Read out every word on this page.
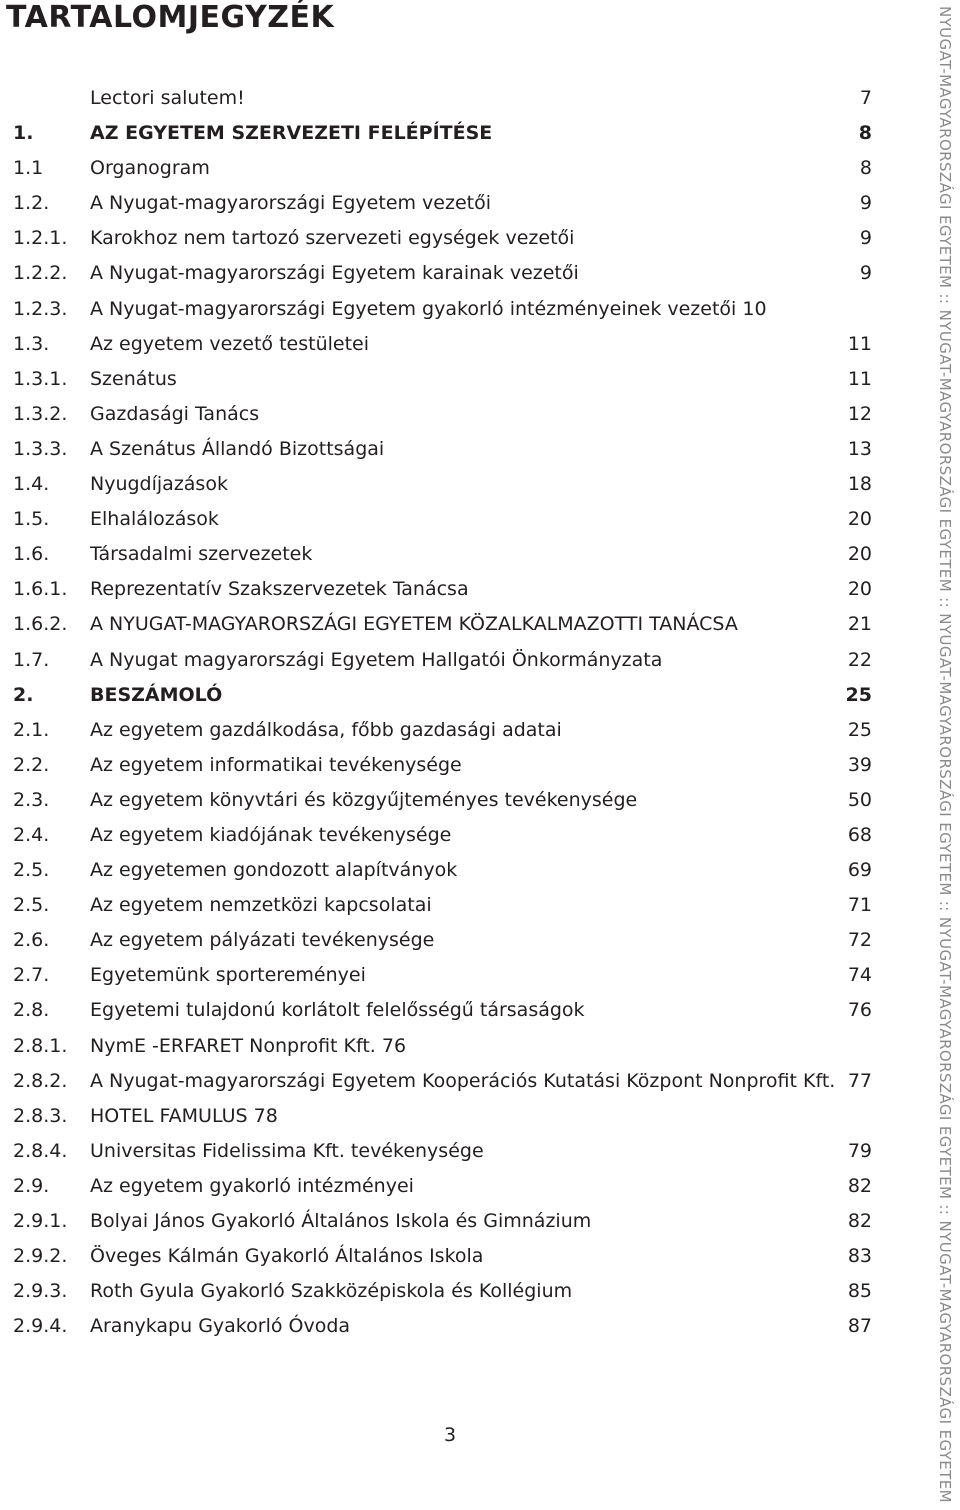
TARTALOMJEGYZÉK
Lectori salutem!	7
1.	AZ EGYETEM SZERVEZETI FELÉPÍTÉSE	8
1.1 Organogram	8
1.2. A Nyugat-magyarországi Egyetem vezetői	9
1.2.1. Karokhoz nem tartozó szervezeti egységek vezetői	9
1.2.2. A Nyugat-magyarországi Egyetem karainak vezetői	9
1.2.3. A Nyugat-magyarországi Egyetem gyakorló intézményeinek vezetői 10
1.3. Az egyetem vezető testületei	11
1.3.1. Szenátus	11
1.3.2. Gazdasági Tanács	12
1.3.3. A Szenátus Állandó Bizottságai	13
1.4. Nyugdíjazások	18
1.5. Elhalálozások	20
1.6. Társadalmi szervezetek	20
1.6.1. Reprezentatív Szakszervezetek Tanácsa	20
1.6.2. A NYUGAT-MAGYARORSZÁGI EGYETEM KÖZALKALMAZOTTI TANÁCSA	21
1.7. A Nyugat magyarországi Egyetem Hallgatói Önkormányzata	22
2.	BESZÁMOLÓ	25
2.1. Az egyetem gazdálkodása, főbb gazdasági adatai	25
2.2. Az egyetem informatikai tevékenysége	39
2.3. Az egyetem könyvtári és közgyűjteményes tevékenysége	50
2.4. Az egyetem kiadójának tevékenysége	68
2.5. Az egyetemen gondozott alapítványok	69
2.5. Az egyetem nemzetközi kapcsolatai	71
2.6. Az egyetem pályázati tevékenysége	72
2.7. Egyetemünk sportereményei	74
2.8. Egyetemi tulajdonú korlátolt felelősségű társaságok	76
2.8.1. NymE -ERFARET Nonprofit Kft. 76
2.8.2. A Nyugat-magyarországi Egyetem Kooperációs Kutatási Központ Nonprofit Kft. 77
2.8.3. HOTEL FAMULUS 78
2.8.4. Universitas Fidelissima Kft. tevékenysége	79
2.9. Az egyetem gyakorló intézményei	82
2.9.1. Bolyai János Gyakorló Általános Iskola és Gimnázium	82
2.9.2. Öveges Kálmán Gyakorló Általános Iskola	83
2.9.3. Roth Gyula Gyakorló Szakközépiskola és Kollégium	85
2.9.4. Aranykapu Gyakorló Óvoda	87
3	NYUGAT-MAGYARORSZÁGI EGYETEM :: NYUGAT-MAGYARORSZÁGI EGYETEM :: NYUGAT-MAGYARORSZÁGI EGYETEM :: NYUGAT-MAGYARORSZÁGI EGYETEM :: NYUGAT-MAGYARORSZÁGI EGYETEM
